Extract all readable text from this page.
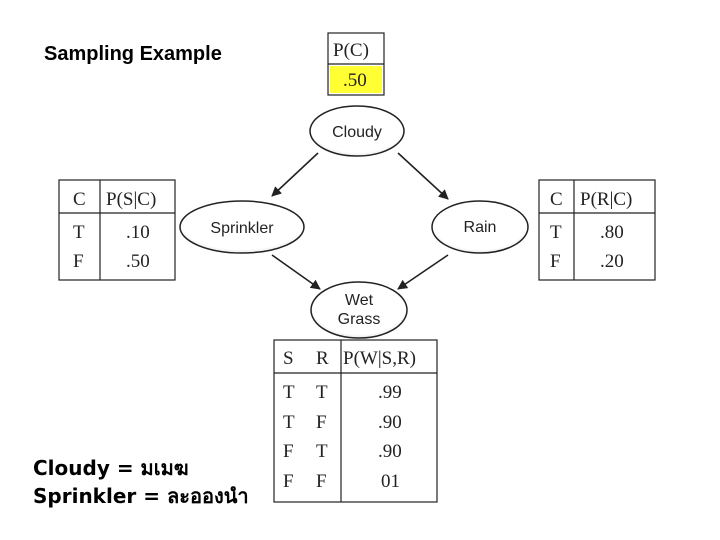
Sampling Example
Cloudy
Sprinkler	Rain
Wet
Grass
P(C)
.50
C P(S|C)
T .10
F .50
C P(R|C)
T .80
F .20
S R P(W|S,R)
T T	.99
T F	.90
F T	.90
F F	01
Cloudy = มเมฆ
Sprinkler = ละอองนำ
